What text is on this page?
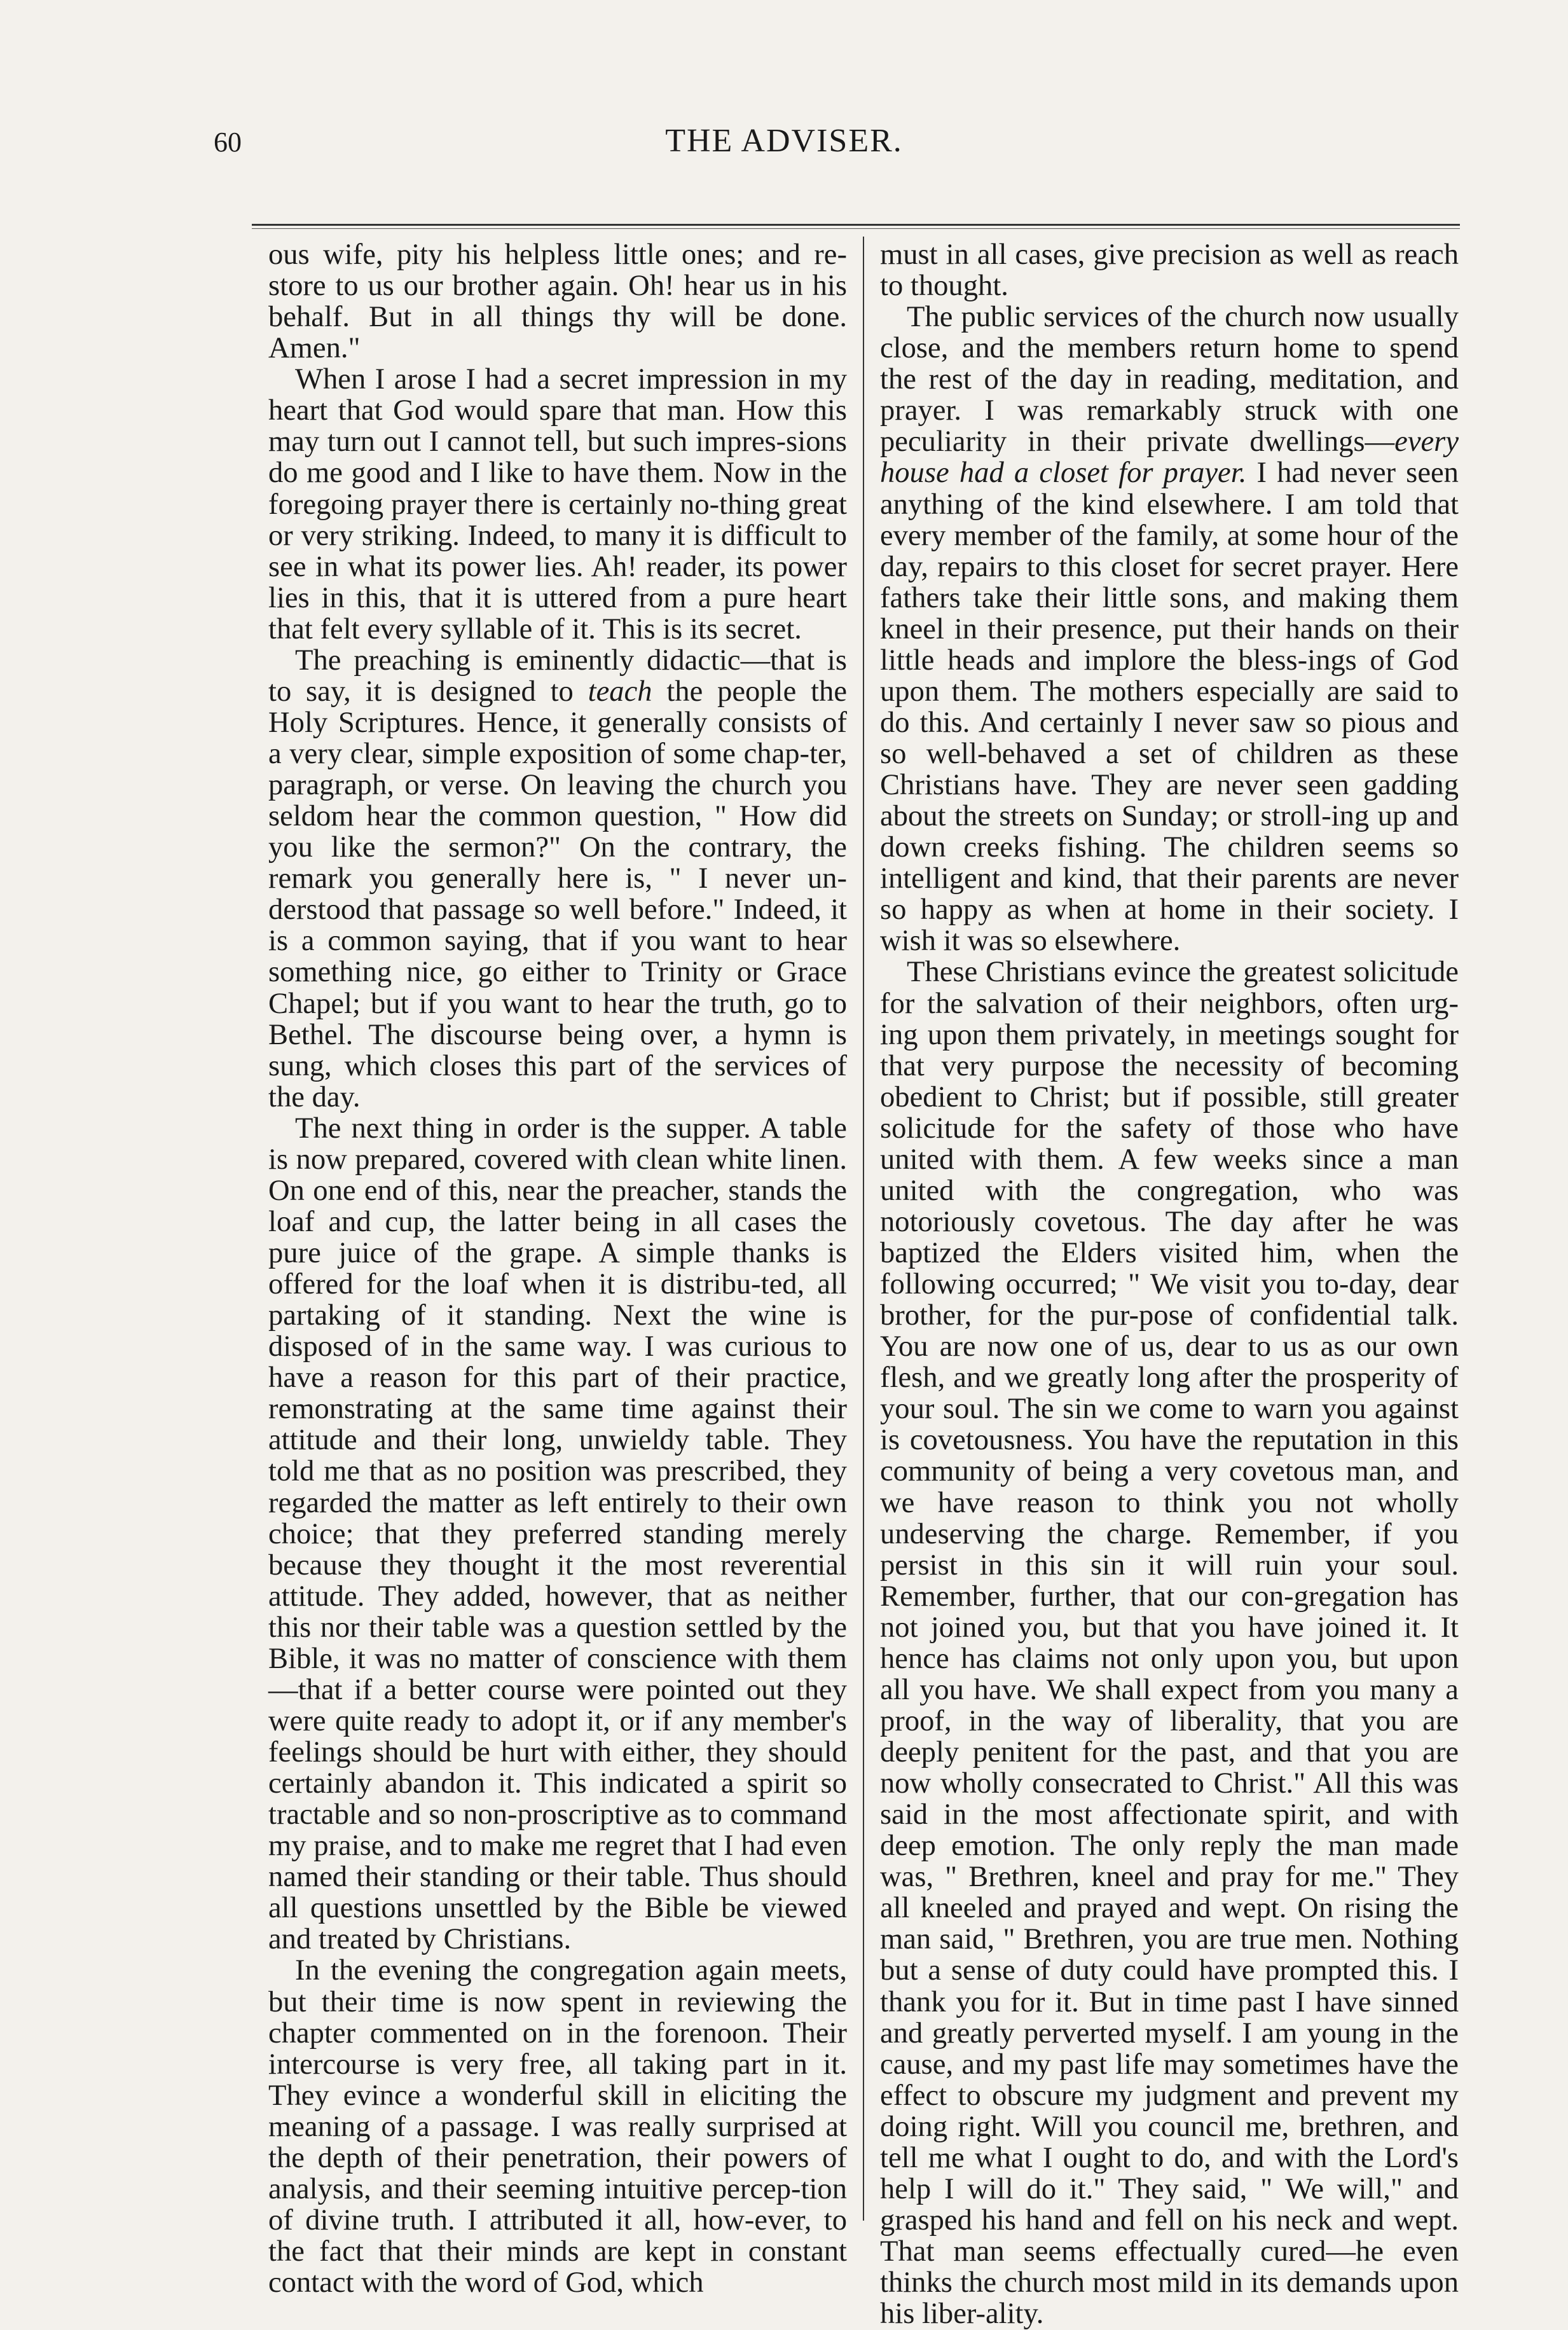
60	THE ADVISER.

ous wife, pity his helpless little ones; and re-store to us our brother again. Oh! hear us in his behalf. But in all things thy will be done. Amen."

When I arose I had a secret impression in my heart that God would spare that man. How this may turn out I cannot tell, but such impres-sions do me good and I like to have them. Now in the foregoing prayer there is certainly no-thing great or very striking. Indeed, to many it is difficult to see in what its power lies. Ah! reader, its power lies in this, that it is uttered from a pure heart that felt every syllable of it. This is its secret.

The preaching is eminently didactic—that is to say, it is designed to teach the people the Holy Scriptures. Hence, it generally consists of a very clear, simple exposition of some chap-ter, paragraph, or verse. On leaving the church you seldom hear the common question, " How did you like the sermon?" On the contrary, the remark you generally here is, " I never un-derstood that passage so well before." Indeed, it is a common saying, that if you want to hear something nice, go either to Trinity or Grace Chapel; but if you want to hear the truth, go to Bethel. The discourse being over, a hymn is sung, which closes this part of the services of the day.

The next thing in order is the supper. A table is now prepared, covered with clean white linen. On one end of this, near the preacher, stands the loaf and cup, the latter being in all cases the pure juice of the grape. A simple thanks is offered for the loaf when it is distribu-ted, all partaking of it standing. Next the wine is disposed of in the same way. I was curious to have a reason for this part of their practice, remonstrating at the same time against their attitude and their long, unwieldy table. They told me that as no position was prescribed, they regarded the matter as left entirely to their own choice; that they preferred standing merely because they thought it the most reverential attitude. They added, however, that as neither this nor their table was a question settled by the Bible, it was no matter of conscience with them—that if a better course were pointed out they were quite ready to adopt it, or if any member's feelings should be hurt with either, they should certainly abandon it. This indicated a spirit so tractable and so non-proscriptive as to command my praise, and to make me regret that I had even named their standing or their table. Thus should all questions unsettled by the Bible be viewed and treated by Christians.

In the evening the congregation again meets, but their time is now spent in reviewing the chapter commented on in the forenoon. Their intercourse is very free, all taking part in it. They evince a wonderful skill in eliciting the meaning of a passage. I was really surprised at the depth of their penetration, their powers of analysis, and their seeming intuitive percep-tion of divine truth. I attributed it all, how-ever, to the fact that their minds are kept in constant contact with the word of God, which

must in all cases, give precision as well as reach to thought.

The public services of the church now usually close, and the members return home to spend the rest of the day in reading, meditation, and prayer. I was remarkably struck with one peculiarity in their private dwellings—every house had a closet for prayer. I had never seen anything of the kind elsewhere. I am told that every member of the family, at some hour of the day, repairs to this closet for secret prayer. Here fathers take their little sons, and making them kneel in their presence, put their hands on their little heads and implore the bless-ings of God upon them. The mothers especially are said to do this. And certainly I never saw so pious and so well-behaved a set of children as these Christians have. They are never seen gadding about the streets on Sunday; or stroll-ing up and down creeks fishing. The children seems so intelligent and kind, that their parents are never so happy as when at home in their society. I wish it was so elsewhere.

These Christians evince the greatest solicitude for the salvation of their neighbors, often urg-ing upon them privately, in meetings sought for that very purpose the necessity of becoming obedient to Christ; but if possible, still greater solicitude for the safety of those who have united with them. A few weeks since a man united with the congregation, who was notoriously covetous. The day after he was baptized the Elders visited him, when the following occurred; " We visit you to-day, dear brother, for the pur-pose of confidential talk. You are now one of us, dear to us as our own flesh, and we greatly long after the prosperity of your soul. The sin we come to warn you against is covetousness. You have the reputation in this community of being a very covetous man, and we have reason to think you not wholly undeserving the charge. Remember, if you persist in this sin it will ruin your soul. Remember, further, that our con-gregation has not joined you, but that you have joined it. It hence has claims not only upon you, but upon all you have. We shall expect from you many a proof, in the way of liberality, that you are deeply penitent for the past, and that you are now wholly consecrated to Christ." All this was said in the most affectionate spirit, and with deep emotion. The only reply the man made was, " Brethren, kneel and pray for me." They all kneeled and prayed and wept. On rising the man said, " Brethren, you are true men. Nothing but a sense of duty could have prompted this. I thank you for it. But in time past I have sinned and greatly perverted myself. I am young in the cause, and my past life may sometimes have the effect to obscure my judgment and prevent my doing right. Will you council me, brethren, and tell me what I ought to do, and with the Lord's help I will do it." They said, " We will," and grasped his hand and fell on his neck and wept. That man seems effectually cured—he even thinks the church most mild in its demands upon his liber-ality.
